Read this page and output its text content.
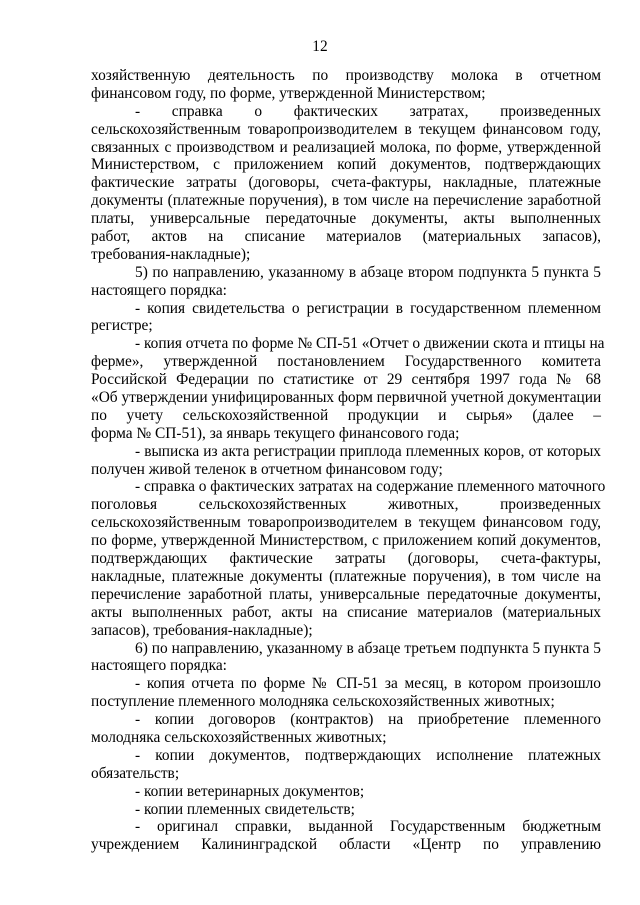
12
хозяйственную деятельность по производству молока в отчетном
финансовом году, по форме, утвержденной Министерством;
- справка о фактических затратах, произведенных
сельскохозяйственным товаропроизводителем в текущем финансовом году,
связанных с производством и реализацией молока, по форме, утвержденной
Министерством, с приложением копий документов, подтверждающих
фактические затраты (договоры, счета-фактуры, накладные, платежные
документы (платежные поручения), в том числе на перечисление заработной
платы, универсальные передаточные документы, акты выполненных
работ, актов на списание материалов (материальных запасов),
требования-накладные);
5) по направлению, указанному в абзаце втором подпункта 5 пункта 5
настоящего порядка:
- копия свидетельства о регистрации в государственном племенном
регистре;
- копия отчета по форме № СП-51 «Отчет о движении скота и птицы на
ферме», утвержденной постановлением Государственного комитета
Российской Федерации по статистике от 29 сентября 1997 года № 68
«Об утверждении унифицированных форм первичной учетной документации
по учету сельскохозяйственной продукции и сырья» (далее –
форма № СП-51), за январь текущего финансового года;
- выписка из акта регистрации приплода племенных коров, от которых
получен живой теленок в отчетном финансовом году;
- справка о фактических затратах на содержание племенного маточного
поголовья сельскохозяйственных животных, произведенных
сельскохозяйственным товаропроизводителем в текущем финансовом году,
по форме, утвержденной Министерством, с приложением копий документов,
подтверждающих фактические затраты (договоры, счета-фактуры,
накладные, платежные документы (платежные поручения), в том числе на
перечисление заработной платы, универсальные передаточные документы,
акты выполненных работ, акты на списание материалов (материальных
запасов), требования-накладные);
6) по направлению, указанному в абзаце третьем подпункта 5 пункта 5
настоящего порядка:
- копия отчета по форме № СП-51 за месяц, в котором произошло
поступление племенного молодняка сельскохозяйственных животных;
- копии договоров (контрактов) на приобретение племенного
молодняка сельскохозяйственных животных;
- копии документов, подтверждающих исполнение платежных
обязательств;
- копии ветеринарных документов;
- копии племенных свидетельств;
- оригинал справки, выданной Государственным бюджетным
учреждением Калининградской области «Центр по управлению
